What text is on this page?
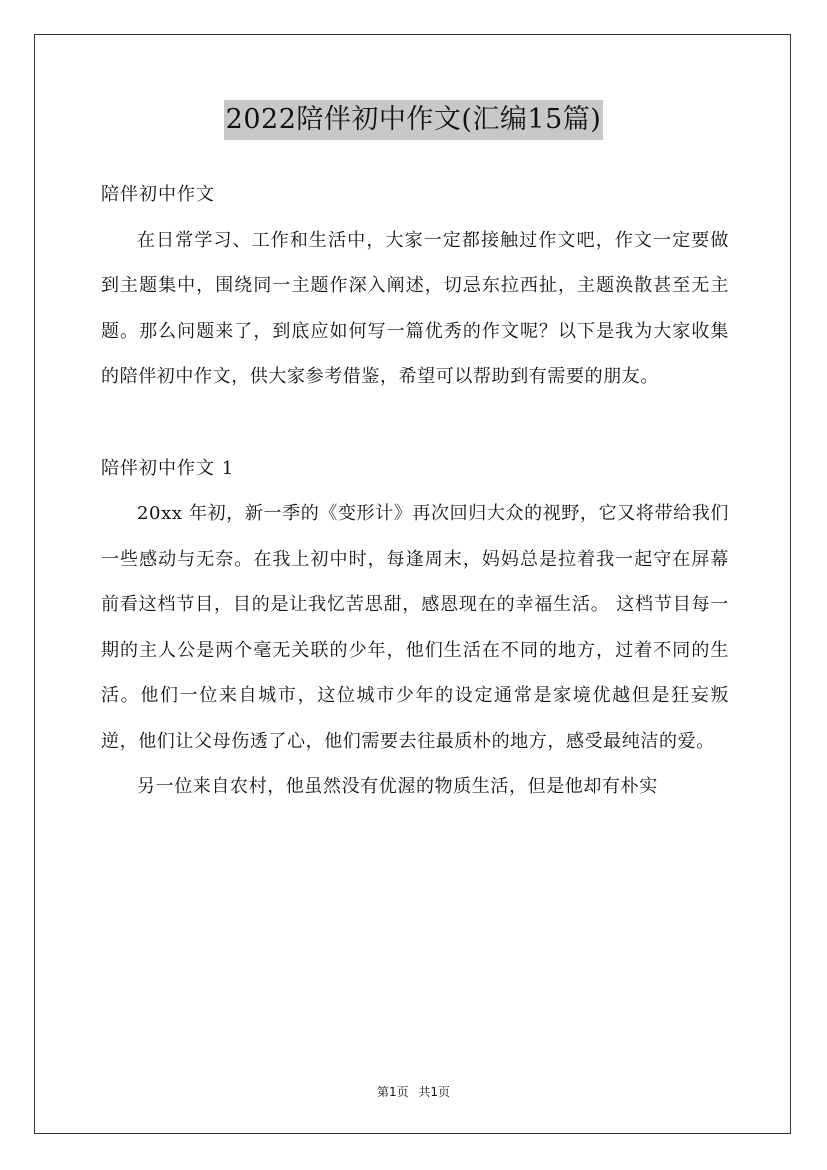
2022陪伴初中作文(汇编15篇)

陪伴初中作文

在日常学习、工作和生活中，大家一定都接触过作文吧，作文一定要做到主题集中，围绕同一主题作深入阐述，切忌东拉西扯，主题涣散甚至无主题。那么问题来了，到底应如何写一篇优秀的作文呢？以下是我为大家收集的陪伴初中作文，供大家参考借鉴，希望可以帮助到有需要的朋友。

陪伴初中作文 1

20xx 年初，新一季的《变形计》再次回归大众的视野，它又将带给我们一些感动与无奈。在我上初中时，每逢周末，妈妈总是拉着我一起守在屏幕前看这档节目，目的是让我忆苦思甜，感恩现在的幸福生活。 这档节目每一期的主人公是两个毫无关联的少年，他们生活在不同的地方，过着不同的生活。他们一位来自城市，这位城市少年的设定通常是家境优越但是狂妄叛逆，他们让父母伤透了心，他们需要去往最质朴的地方，感受最纯洁的爱。

另一位来自农村，他虽然没有优渥的物质生活，但是他却有朴实

第1页 共1页
